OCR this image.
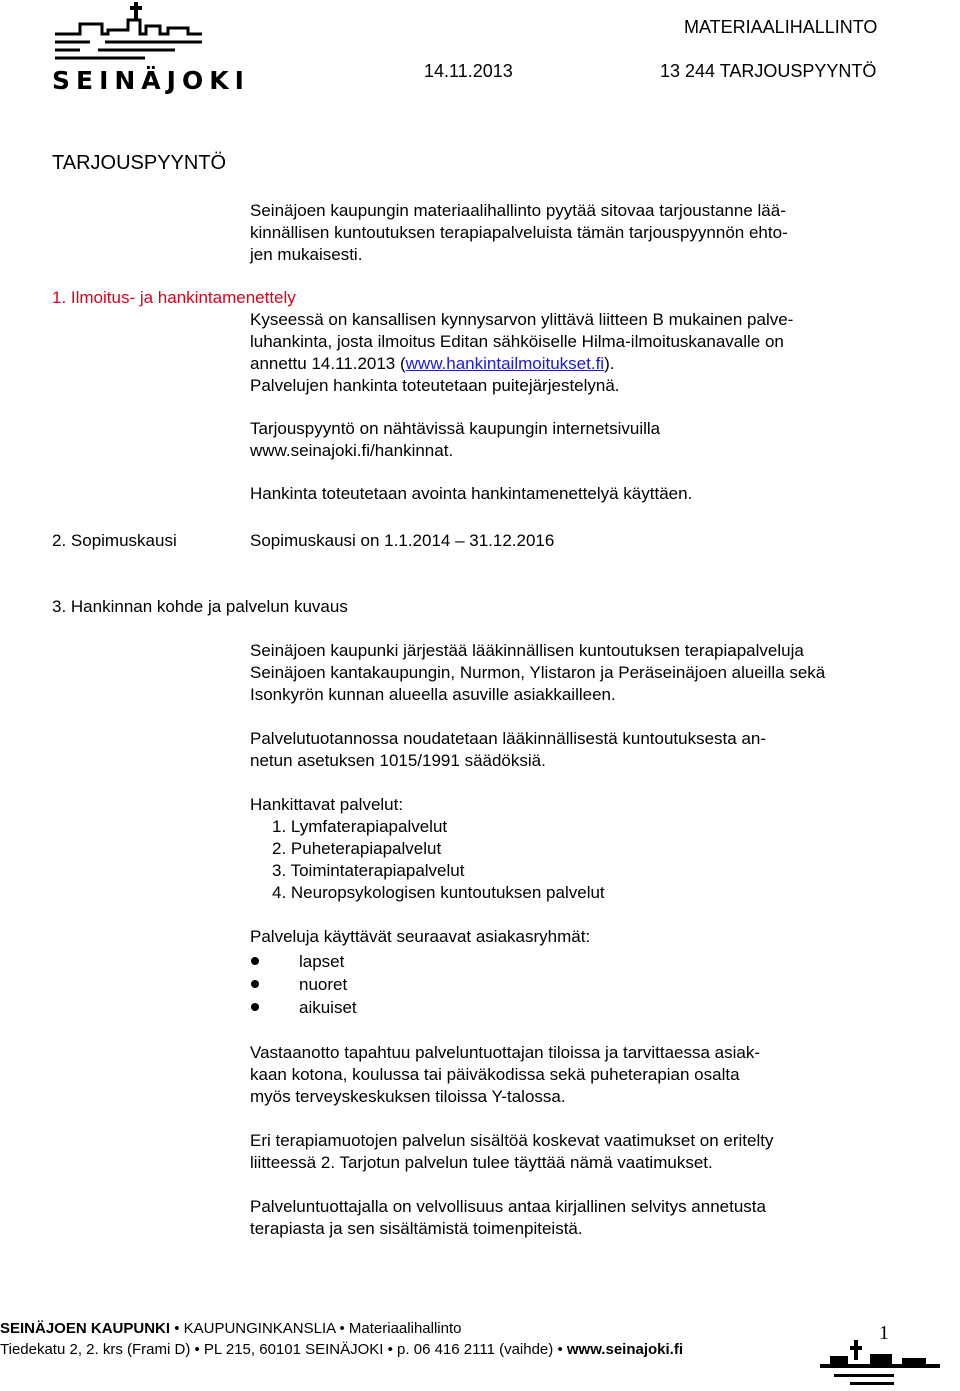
SEINÄJOKI
MATERIAALIHALLINTO
14.11.2013	13 244 TARJOUSPYYNTÖ
TARJOUSPYYNTÖ
Seinäjoen kaupungin materiaalihallinto pyytää sitovaa tarjoustanne lää-
kinnällisen kuntoutuksen terapiapalveluista tämän tarjouspyynnön ehto-
jen mukaisesti.
1. Ilmoitus- ja hankintamenettely
Kyseessä on kansallisen kynnysarvon ylittävä liitteen B mukainen palve-
luhankinta, josta ilmoitus Editan sähköiselle Hilma-ilmoituskanavalle on
annettu 14.11.2013 (www.hankintailmoitukset.fi).
Palvelujen hankinta toteutetaan puitejärjestelynä.
Tarjouspyyntö on nähtävissä kaupungin internetsivuilla
www.seinajoki.fi/hankinnat.
Hankinta toteutetaan avointa hankintamenettelyä käyttäen.
2. Sopimuskausi	Sopimuskausi on 1.1.2014 – 31.12.2016
3. Hankinnan kohde ja palvelun kuvaus
Seinäjoen kaupunki järjestää lääkinnällisen kuntoutuksen terapiapalveluja
Seinäjoen kantakaupungin, Nurmon, Ylistaron ja Peräseinäjoen alueilla sekä
Isonkyrön kunnan alueella asuville asiakkailleen.
Palvelutuotannossa noudatetaan lääkinnällisestä kuntoutuksesta an-
netun asetuksen 1015/1991 säädöksiä.
Hankittavat palvelut:
1. Lymfaterapiapalvelut
2. Puheterapiapalvelut
3. Toimintaterapiapalvelut
4. Neuropsykologisen kuntoutuksen palvelut
Palveluja käyttävät seuraavat asiakasryhmät:
lapset
nuoret
aikuiset
Vastaanotto tapahtuu palveluntuottajan tiloissa ja tarvittaessa asiak-
kaan kotona, koulussa tai päiväkodissa sekä puheterapian osalta
myös terveyskeskuksen tiloissa Y-talossa.
Eri terapiamuotojen palvelun sisältöä koskevat vaatimukset on eritelty
liitteessä 2. Tarjotun palvelun tulee täyttää nämä vaatimukset.
Palveluntuottajalla on velvollisuus antaa kirjallinen selvitys annetusta
terapiasta ja sen sisältämistä toimenpiteistä.
SEINÄJOEN KAUPUNKI • KAUPUNGINKANSLIA • Materiaalihallinto
Tiedekatu 2, 2. krs (Frami D) • PL 215, 60101 SEINÄJOKI • p. 06 416 2111 (vaihde) • www.seinajoki.fi
1
